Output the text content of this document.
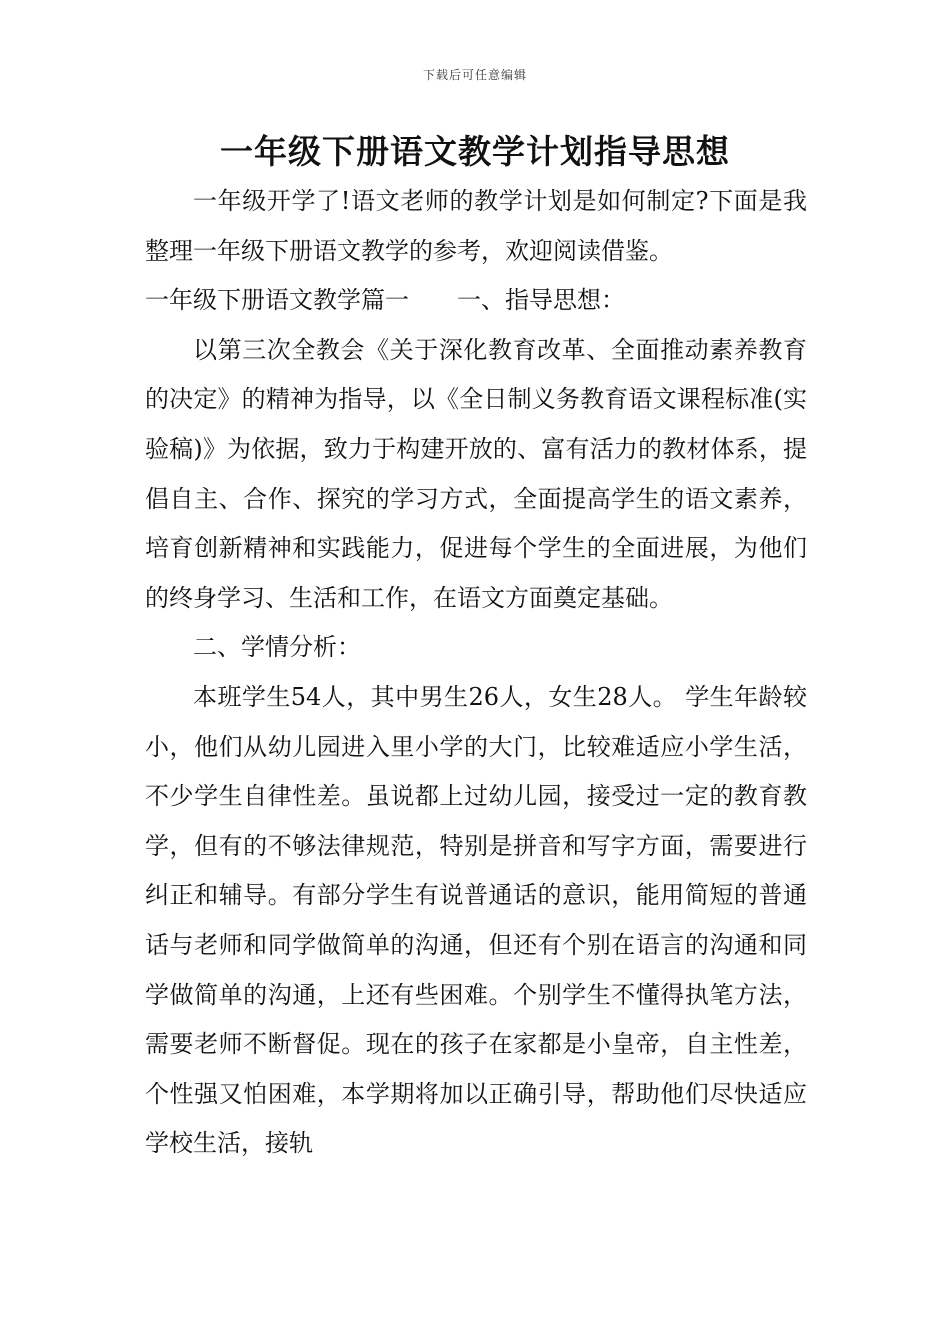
下载后可任意编辑
一年级下册语文教学计划指导思想

一年级开学了!语文老师的教学计划是如何制定?下面是我整理一年级下册语文教学的参考，欢迎阅读借鉴。

一年级下册语文教学篇一 一、指导思想：

以第三次全教会《关于深化教育改革、全面推动素养教育的决定》的精神为指导，以《全日制义务教育语文课程标准(实验稿)》为依据，致力于构建开放的、富有活力的教材体系，提倡自主、合作、探究的学习方式，全面提高学生的语文素养，培育创新精神和实践能力，促进每个学生的全面进展，为他们的终身学习、生活和工作，在语文方面奠定基础。

二、学情分析：

本班学生54人，其中男生26人，女生28人。 学生年龄较小，他们从幼儿园进入里小学的大门，比较难适应小学生活，不少学生自律性差。虽说都上过幼儿园，接受过一定的教育教学，但有的不够法律规范，特别是拼音和写字方面，需要进行纠正和辅导。有部分学生有说普通话的意识，能用简短的普通话与老师和同学做简单的沟通，但还有个别在语言的沟通和同学做简单的沟通，上还有些困难。个别学生不懂得执笔方法，需要老师不断督促。现在的孩子在家都是小皇帝，自主性差，个性强又怕困难，本学期将加以正确引导，帮助他们尽快适应学校生活，接轨
